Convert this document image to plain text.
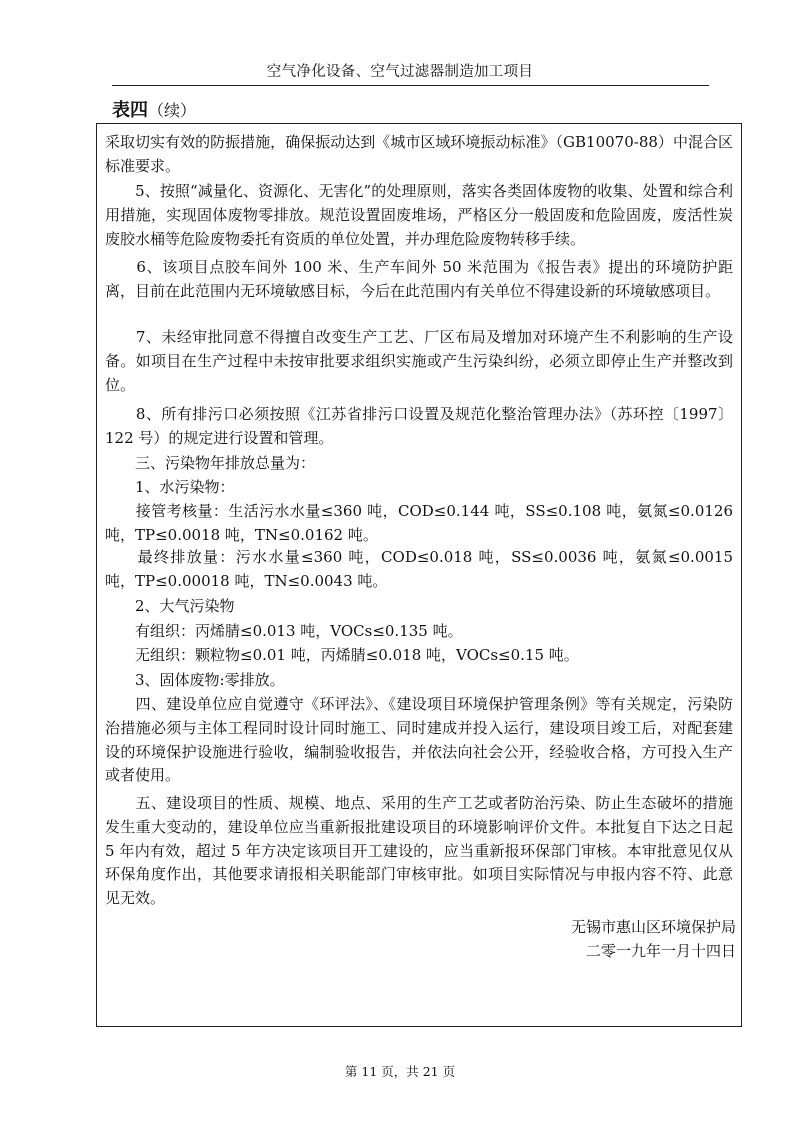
空气净化设备、空气过滤器制造加工项目
表四（续）

采取切实有效的防振措施，确保振动达到《城市区域环境振动标准》（GB10070-88）中混合区标准要求。

　　5、按照“减量化、资源化、无害化”的处理原则，落实各类固体废物的收集、处置和综合利用措施，实现固体废物零排放。规范设置固废堆场，严格区分一般固废和危险固废，废活性炭废胶水桶等危险废物委托有资质的单位处置，并办理危险废物转移手续。

　　6、该项目点胶车间外 100 米、生产车间外 50 米范围为《报告表》提出的环境防护距离，目前在此范围内无环境敏感目标，今后在此范围内有关单位不得建设新的环境敏感项目。

　　7、未经审批同意不得擅自改变生产工艺、厂区布局及增加对环境产生不利影响的生产设备。如项目在生产过程中未按审批要求组织实施或产生污染纠纷，必须立即停止生产并整改到位。

　　8、所有排污口必须按照《江苏省排污口设置及规范化整治管理办法》（苏环控〔1997〕122 号）的规定进行设置和管理。

　　三、污染物年排放总量为：

　　1、水污染物：

　　接管考核量：生活污水水量≤360 吨，COD≤0.144 吨，SS≤0.108 吨，氨氮≤0.0126 吨，TP≤0.0018 吨，TN≤0.0162 吨。

　　最终排放量：污水水量≤360 吨，COD≤0.018 吨，SS≤0.0036 吨，氨氮≤0.0015 吨，TP≤0.00018 吨，TN≤0.0043 吨。

　　2、大气污染物

　　有组织：丙烯腈≤0.013 吨，VOCs≤0.135 吨。

　　无组织：颗粒物≤0.01 吨，丙烯腈≤0.018 吨，VOCs≤0.15 吨。

　　3、固体废物:零排放。

　　四、建设单位应自觉遵守《环评法》、《建设项目环境保护管理条例》等有关规定，污染防治措施必须与主体工程同时设计同时施工、同时建成并投入运行，建设项目竣工后，对配套建设的环境保护设施进行验收，编制验收报告，并依法向社会公开，经验收合格，方可投入生产或者使用。

　　五、建设项目的性质、规模、地点、采用的生产工艺或者防治污染、防止生态破坏的措施发生重大变动的，建设单位应当重新报批建设项目的环境影响评价文件。本批复自下达之日起 5 年内有效，超过 5 年方决定该项目开工建设的，应当重新报环保部门审核。本审批意见仅从环保角度作出，其他要求请报相关职能部门审核审批。如项目实际情况与申报内容不符、此意见无效。

无锡市惠山区环境保护局
二零一九年一月十四日
第 11 页，共 21 页
